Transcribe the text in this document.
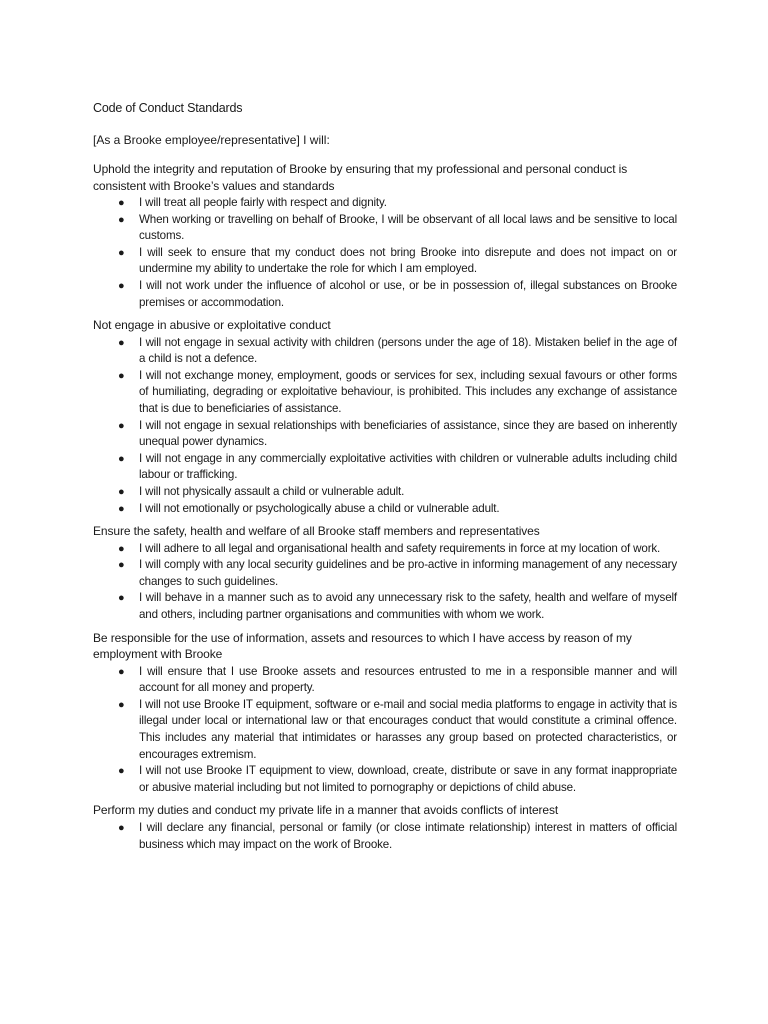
Code of Conduct Standards
[As a Brooke employee/representative] I will:

Uphold the integrity and reputation of Brooke by ensuring that my professional and personal conduct is consistent with Brooke’s values and standards

● I will treat all people fairly with respect and dignity.
● When working or travelling on behalf of Brooke, I will be observant of all local laws and be sensitive to local customs.
● I will seek to ensure that my conduct does not bring Brooke into disrepute and does not impact on or undermine my ability to undertake the role for which I am employed.
● I will not work under the influence of alcohol or use, or be in possession of, illegal substances on Brooke premises or accommodation.

Not engage in abusive or exploitative conduct

● I will not engage in sexual activity with children (persons under the age of 18). Mistaken belief in the age of a child is not a defence.
● I will not exchange money, employment, goods or services for sex, including sexual favours or other forms of humiliating, degrading or exploitative behaviour, is prohibited. This includes any exchange of assistance that is due to beneficiaries of assistance.
● I will not engage in sexual relationships with beneficiaries of assistance, since they are based on inherently unequal power dynamics.
● I will not engage in any commercially exploitative activities with children or vulnerable adults including child labour or trafficking.
● I will not physically assault a child or vulnerable adult.
● I will not emotionally or psychologically abuse a child or vulnerable adult.

Ensure the safety, health and welfare of all Brooke staff members and representatives

● I will adhere to all legal and organisational health and safety requirements in force at my location of work.
● I will comply with any local security guidelines and be pro-active in informing management of any necessary changes to such guidelines.
● I will behave in a manner such as to avoid any unnecessary risk to the safety, health and welfare of myself and others, including partner organisations and communities with whom we work.

Be responsible for the use of information, assets and resources to which I have access by reason of my employment with Brooke

● I will ensure that I use Brooke assets and resources entrusted to me in a responsible manner and will account for all money and property.
● I will not use Brooke IT equipment, software or e-mail and social media platforms to engage in activity that is illegal under local or international law or that encourages conduct that would constitute a criminal offence. This includes any material that intimidates or harasses any group based on protected characteristics, or encourages extremism.
● I will not use Brooke IT equipment to view, download, create, distribute or save in any format inappropriate or abusive material including but not limited to pornography or depictions of child abuse.

Perform my duties and conduct my private life in a manner that avoids conflicts of interest

● I will declare any financial, personal or family (or close intimate relationship) interest in matters of official business which may impact on the work of Brooke.
